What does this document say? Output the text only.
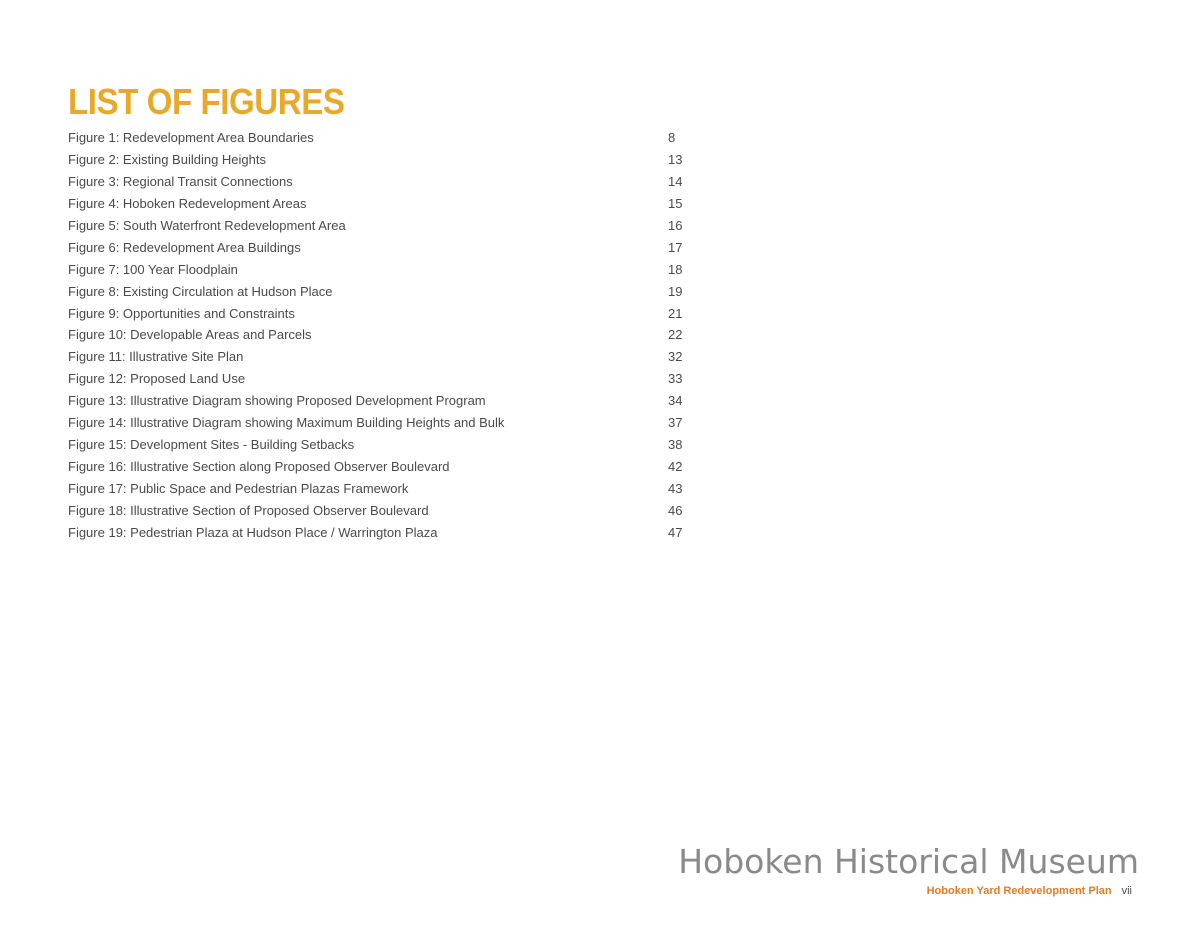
LIST OF FIGURES
Figure 1: Redevelopment Area Boundaries	8
Figure 2: Existing Building Heights	13
Figure 3: Regional Transit Connections	14
Figure 4: Hoboken Redevelopment Areas	15
Figure 5: South Waterfront Redevelopment Area	16
Figure 6: Redevelopment Area Buildings	17
Figure 7: 100 Year Floodplain	18
Figure 8: Existing Circulation at Hudson Place	19
Figure 9: Opportunities and Constraints	21
Figure 10: Developable Areas and Parcels	22
Figure 11: Illustrative Site Plan	32
Figure 12: Proposed Land Use	33
Figure 13: Illustrative Diagram showing Proposed Development Program	34
Figure 14: Illustrative Diagram showing Maximum Building Heights and Bulk	37
Figure 15: Development Sites - Building Setbacks	38
Figure 16: Illustrative Section along Proposed Observer Boulevard	42
Figure 17: Public Space and Pedestrian Plazas Framework	43
Figure 18: Illustrative Section of Proposed Observer Boulevard	46
Figure 19: Pedestrian Plaza at Hudson Place / Warrington Plaza	47
Hoboken Historical Museum
Hoboken Yard Redevelopment Plan vii
